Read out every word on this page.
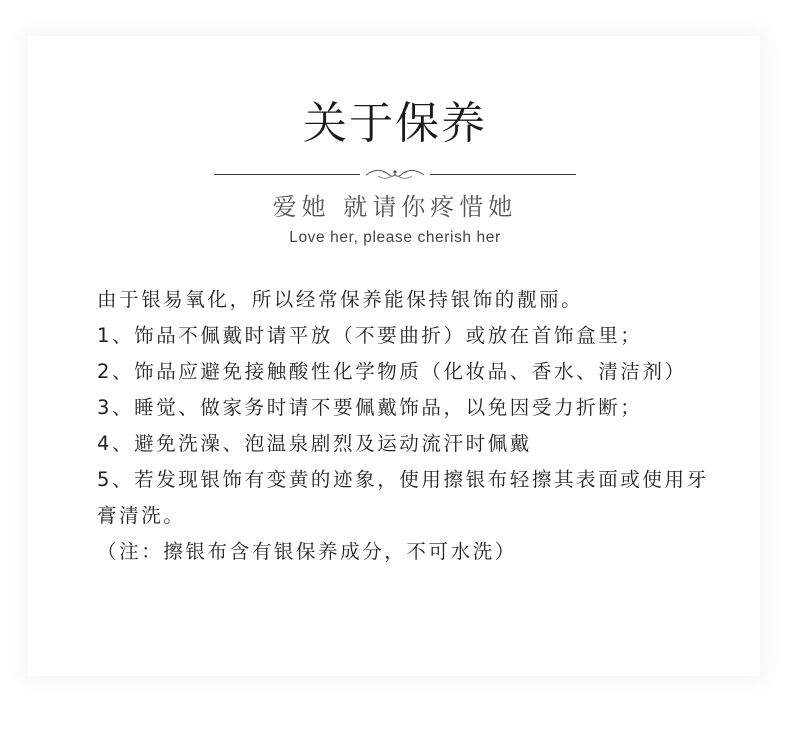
关于保养
爱她 就请你疼惜她
Love her, please cherish her

由于银易氧化，所以经常保养能保持银饰的靓丽。

1、饰品不佩戴时请平放（不要曲折）或放在首饰盒里；

2、饰品应避免接触酸性化学物质（化妆品、香水、清洁剂）

3、睡觉、做家务时请不要佩戴饰品，以免因受力折断；

4、避免洗澡、泡温泉剧烈及运动流汗时佩戴

5、若发现银饰有变黄的迹象，使用擦银布轻擦其表面或使用牙膏清洗。

（注：擦银布含有银保养成分，不可水洗）
